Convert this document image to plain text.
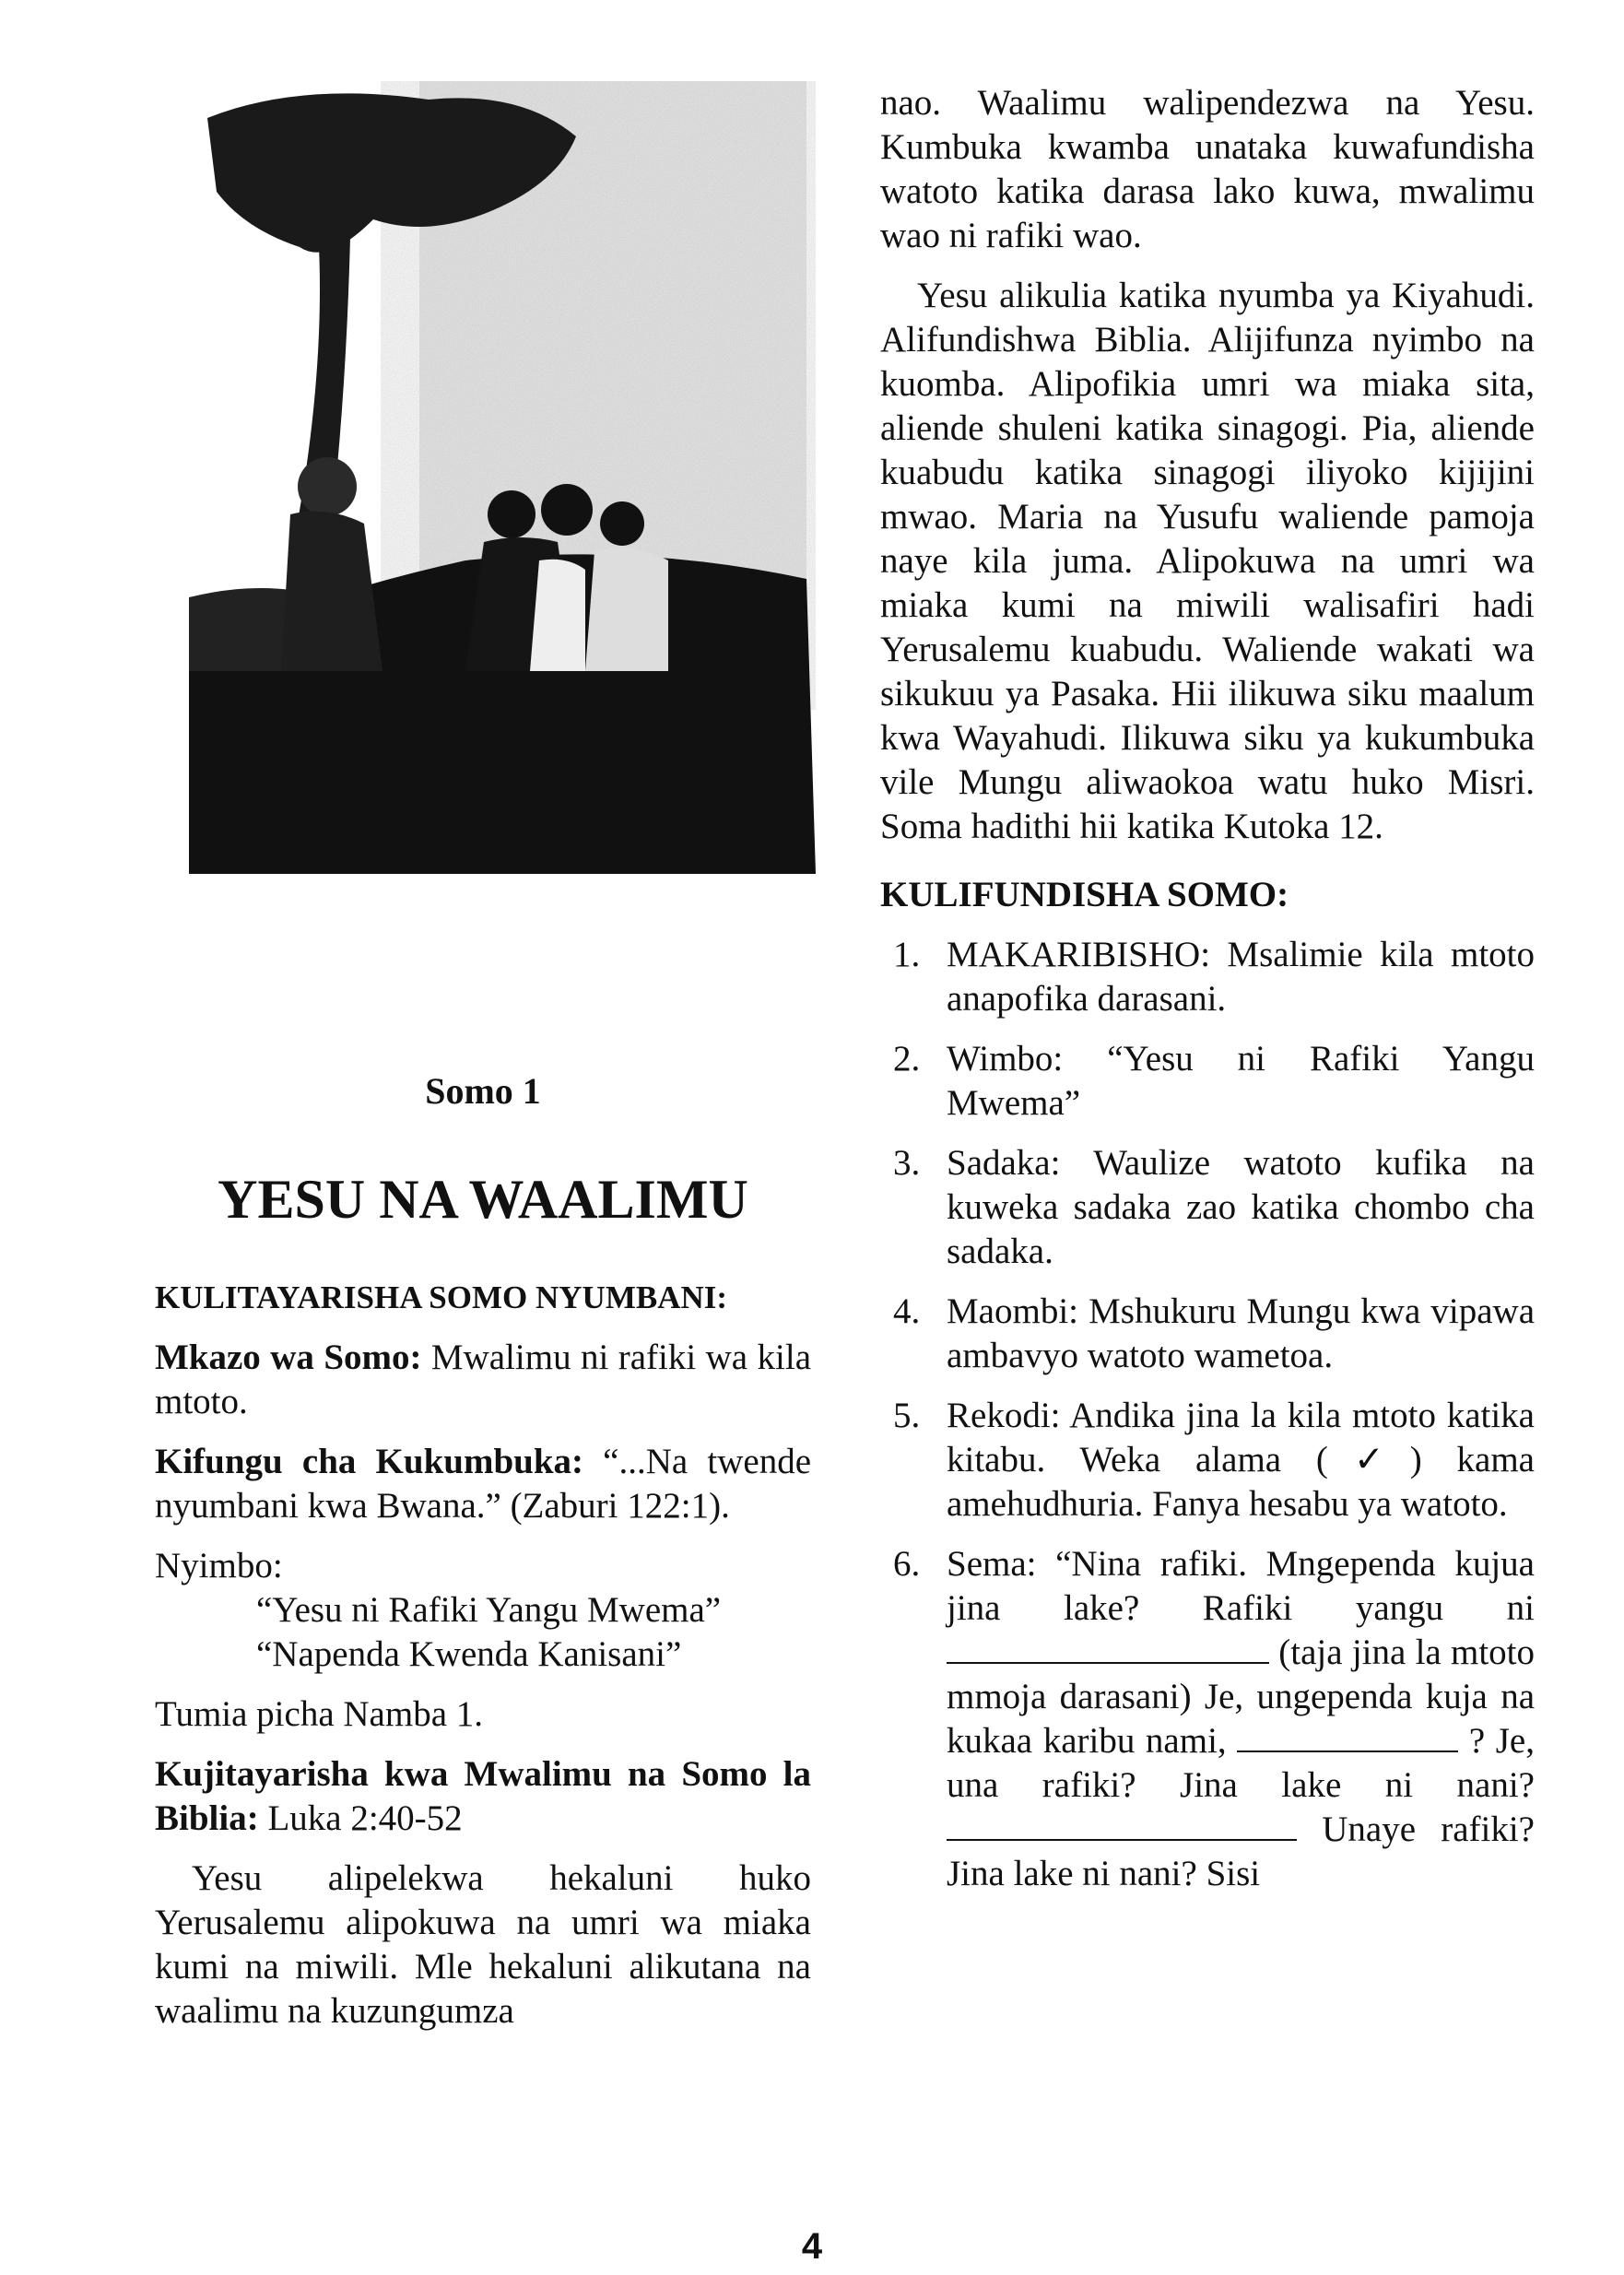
Somo 1

YESU NA WAALIMU

KULITAYARISHA SOMO NYUMBANI:

Mkazo wa Somo: Mwalimu ni rafiki wa kila mtoto.

Kifungu cha Kukumbuka: “...Na twende nyumbani kwa Bwana.” (Zaburi 122:1).

Nyimbo:

“Yesu ni Rafiki Yangu Mwema”

“Napenda Kwenda Kanisani”

Tumia picha Namba 1.

Kujitayarisha kwa Mwalimu na Somo la Biblia: Luka 2:40-52

Yesu alipelekwa hekaluni huko Yerusalemu alipokuwa na umri wa miaka kumi na miwili. Mle hekaluni alikutana na waalimu na kuzungumza

nao. Waalimu walipendezwa na Yesu. Kumbuka kwamba unataka kuwafundisha watoto katika darasa lako kuwa, mwalimu wao ni rafiki wao.

Yesu alikulia katika nyumba ya Kiyahudi. Alifundishwa Biblia. Alijifunza nyimbo na kuomba. Alipofikia umri wa miaka sita, aliende shuleni katika sinagogi. Pia, aliende kuabudu katika sinagogi iliyoko kijijini mwao. Maria na Yusufu waliende pamoja naye kila juma. Alipokuwa na umri wa miaka kumi na miwili walisafiri hadi Yerusalemu kuabudu. Waliende wakati wa sikukuu ya Pasaka. Hii ilikuwa siku maalum kwa Wayahudi. Ilikuwa siku ya kukumbuka vile Mungu aliwaokoa watu huko Misri. Soma hadithi hii katika Kutoka 12.

KULIFUNDISHA SOMO:

1. MAKARIBISHO: Msalimie kila mtoto anapofika darasani.
2. Wimbo: “Yesu ni Rafiki Yangu Mwema”
3. Sadaka: Waulize watoto kufika na kuweka sadaka zao katika chombo cha sadaka.
4. Maombi: Mshukuru Mungu kwa vipawa ambavyo watoto wametoa.
5. Rekodi: Andika jina la kila mtoto katika kitabu. Weka alama (✓) kama amehudhuria. Fanya hesabu ya watoto.
6. Sema: “Nina rafiki. Mngependa kujua jina lake? Rafiki yangu ni  (taja jina la mtoto mmoja darasani) Je, ungependa kuja na kukaa karibu nami,	? Je, una rafiki? Jina lake ni nani? Unaye rafiki? Jina lake ni nani? Sisi
4
